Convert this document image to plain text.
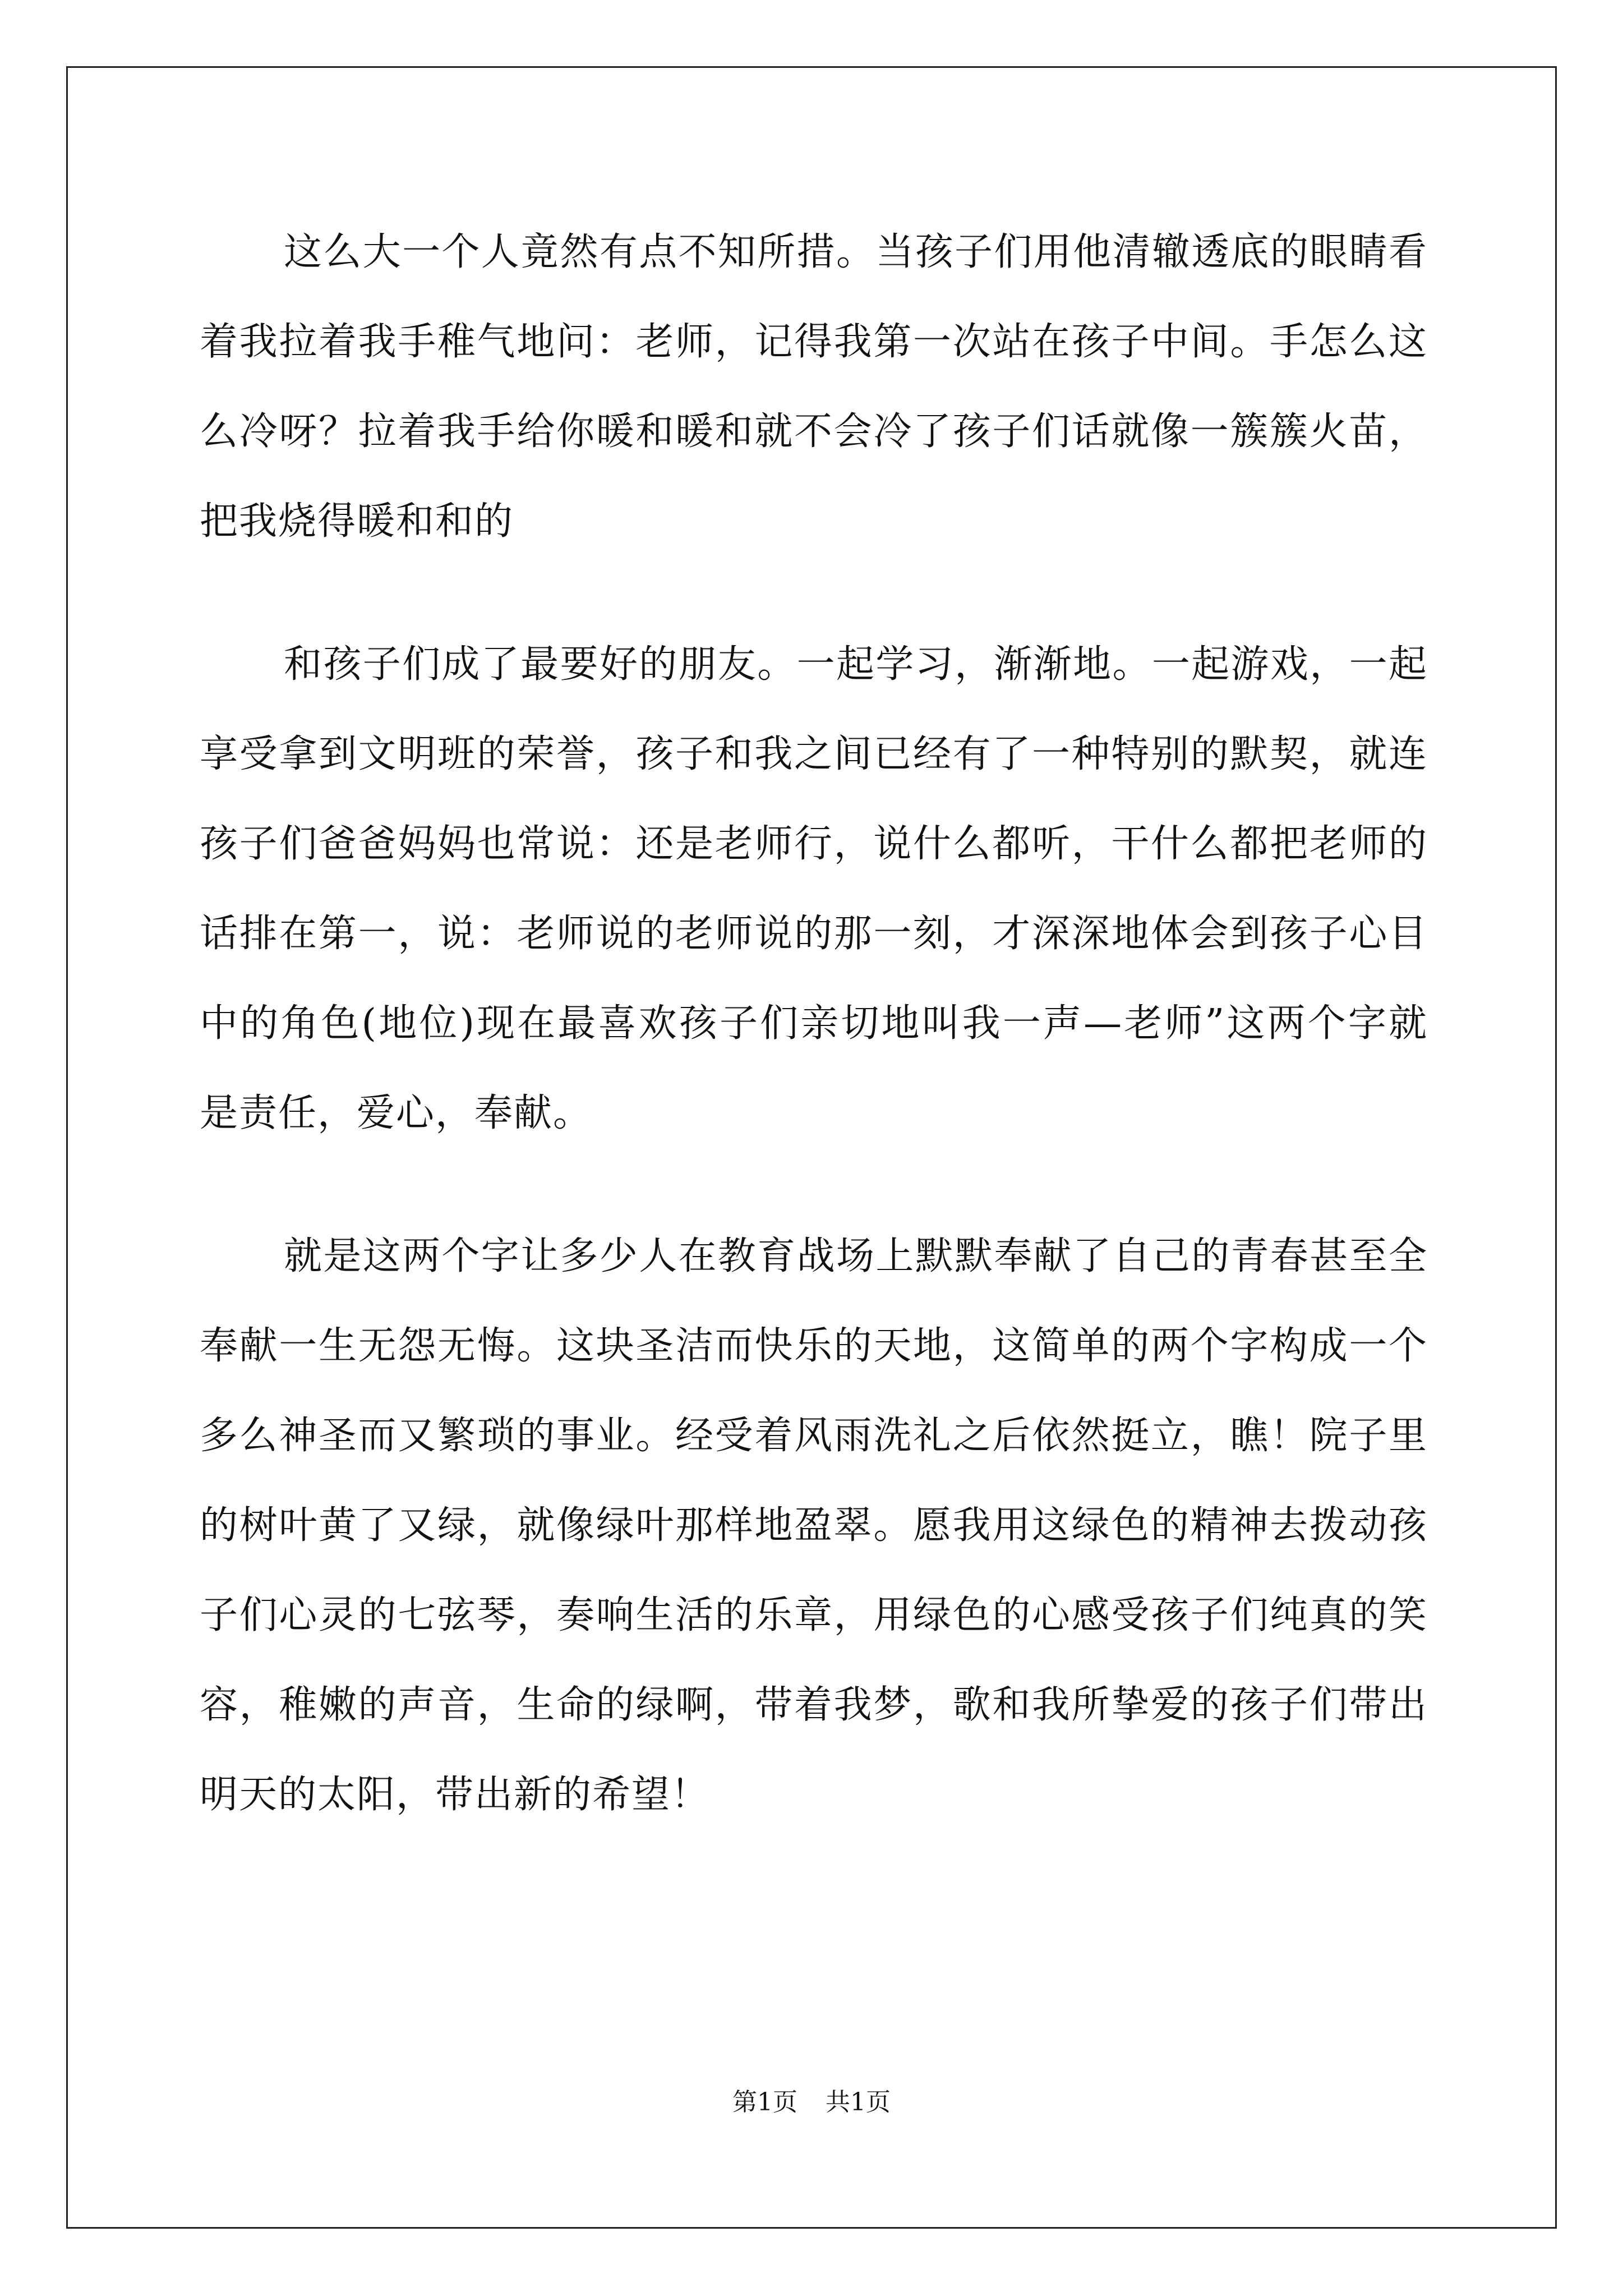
这么大一个人竟然有点不知所措。当孩子们用他清辙透底的眼睛看着我拉着我手稚气地问：老师，记得我第一次站在孩子中间。手怎么这么冷呀？拉着我手给你暖和暖和就不会冷了孩子们话就像一簇簇火苗，把我烧得暖和和的

和孩子们成了最要好的朋友。一起学习，渐渐地。一起游戏，一起享受拿到文明班的荣誉，孩子和我之间已经有了一种特别的默契，就连孩子们爸爸妈妈也常说：还是老师行，说什么都听，干什么都把老师的话排在第一，说：老师说的老师说的那一刻，才深深地体会到孩子心目中的角色(地位)现在最喜欢孩子们亲切地叫我一声—老师”这两个字就是责任，爱心，奉献。

就是这两个字让多少人在教育战场上默默奉献了自己的青春甚至全奉献一生无怨无悔。这块圣洁而快乐的天地，这简单的两个字构成一个多么神圣而又繁琐的事业。经受着风雨洗礼之后依然挺立，瞧！院子里的树叶黄了又绿，就像绿叶那样地盈翠。愿我用这绿色的精神去拨动孩子们心灵的七弦琴，奏响生活的乐章，用绿色的心感受孩子们纯真的笑容，稚嫩的声音，生命的绿啊，带着我梦，歌和我所挚爱的孩子们带出明天的太阳，带出新的希望！

第1页 共1页
